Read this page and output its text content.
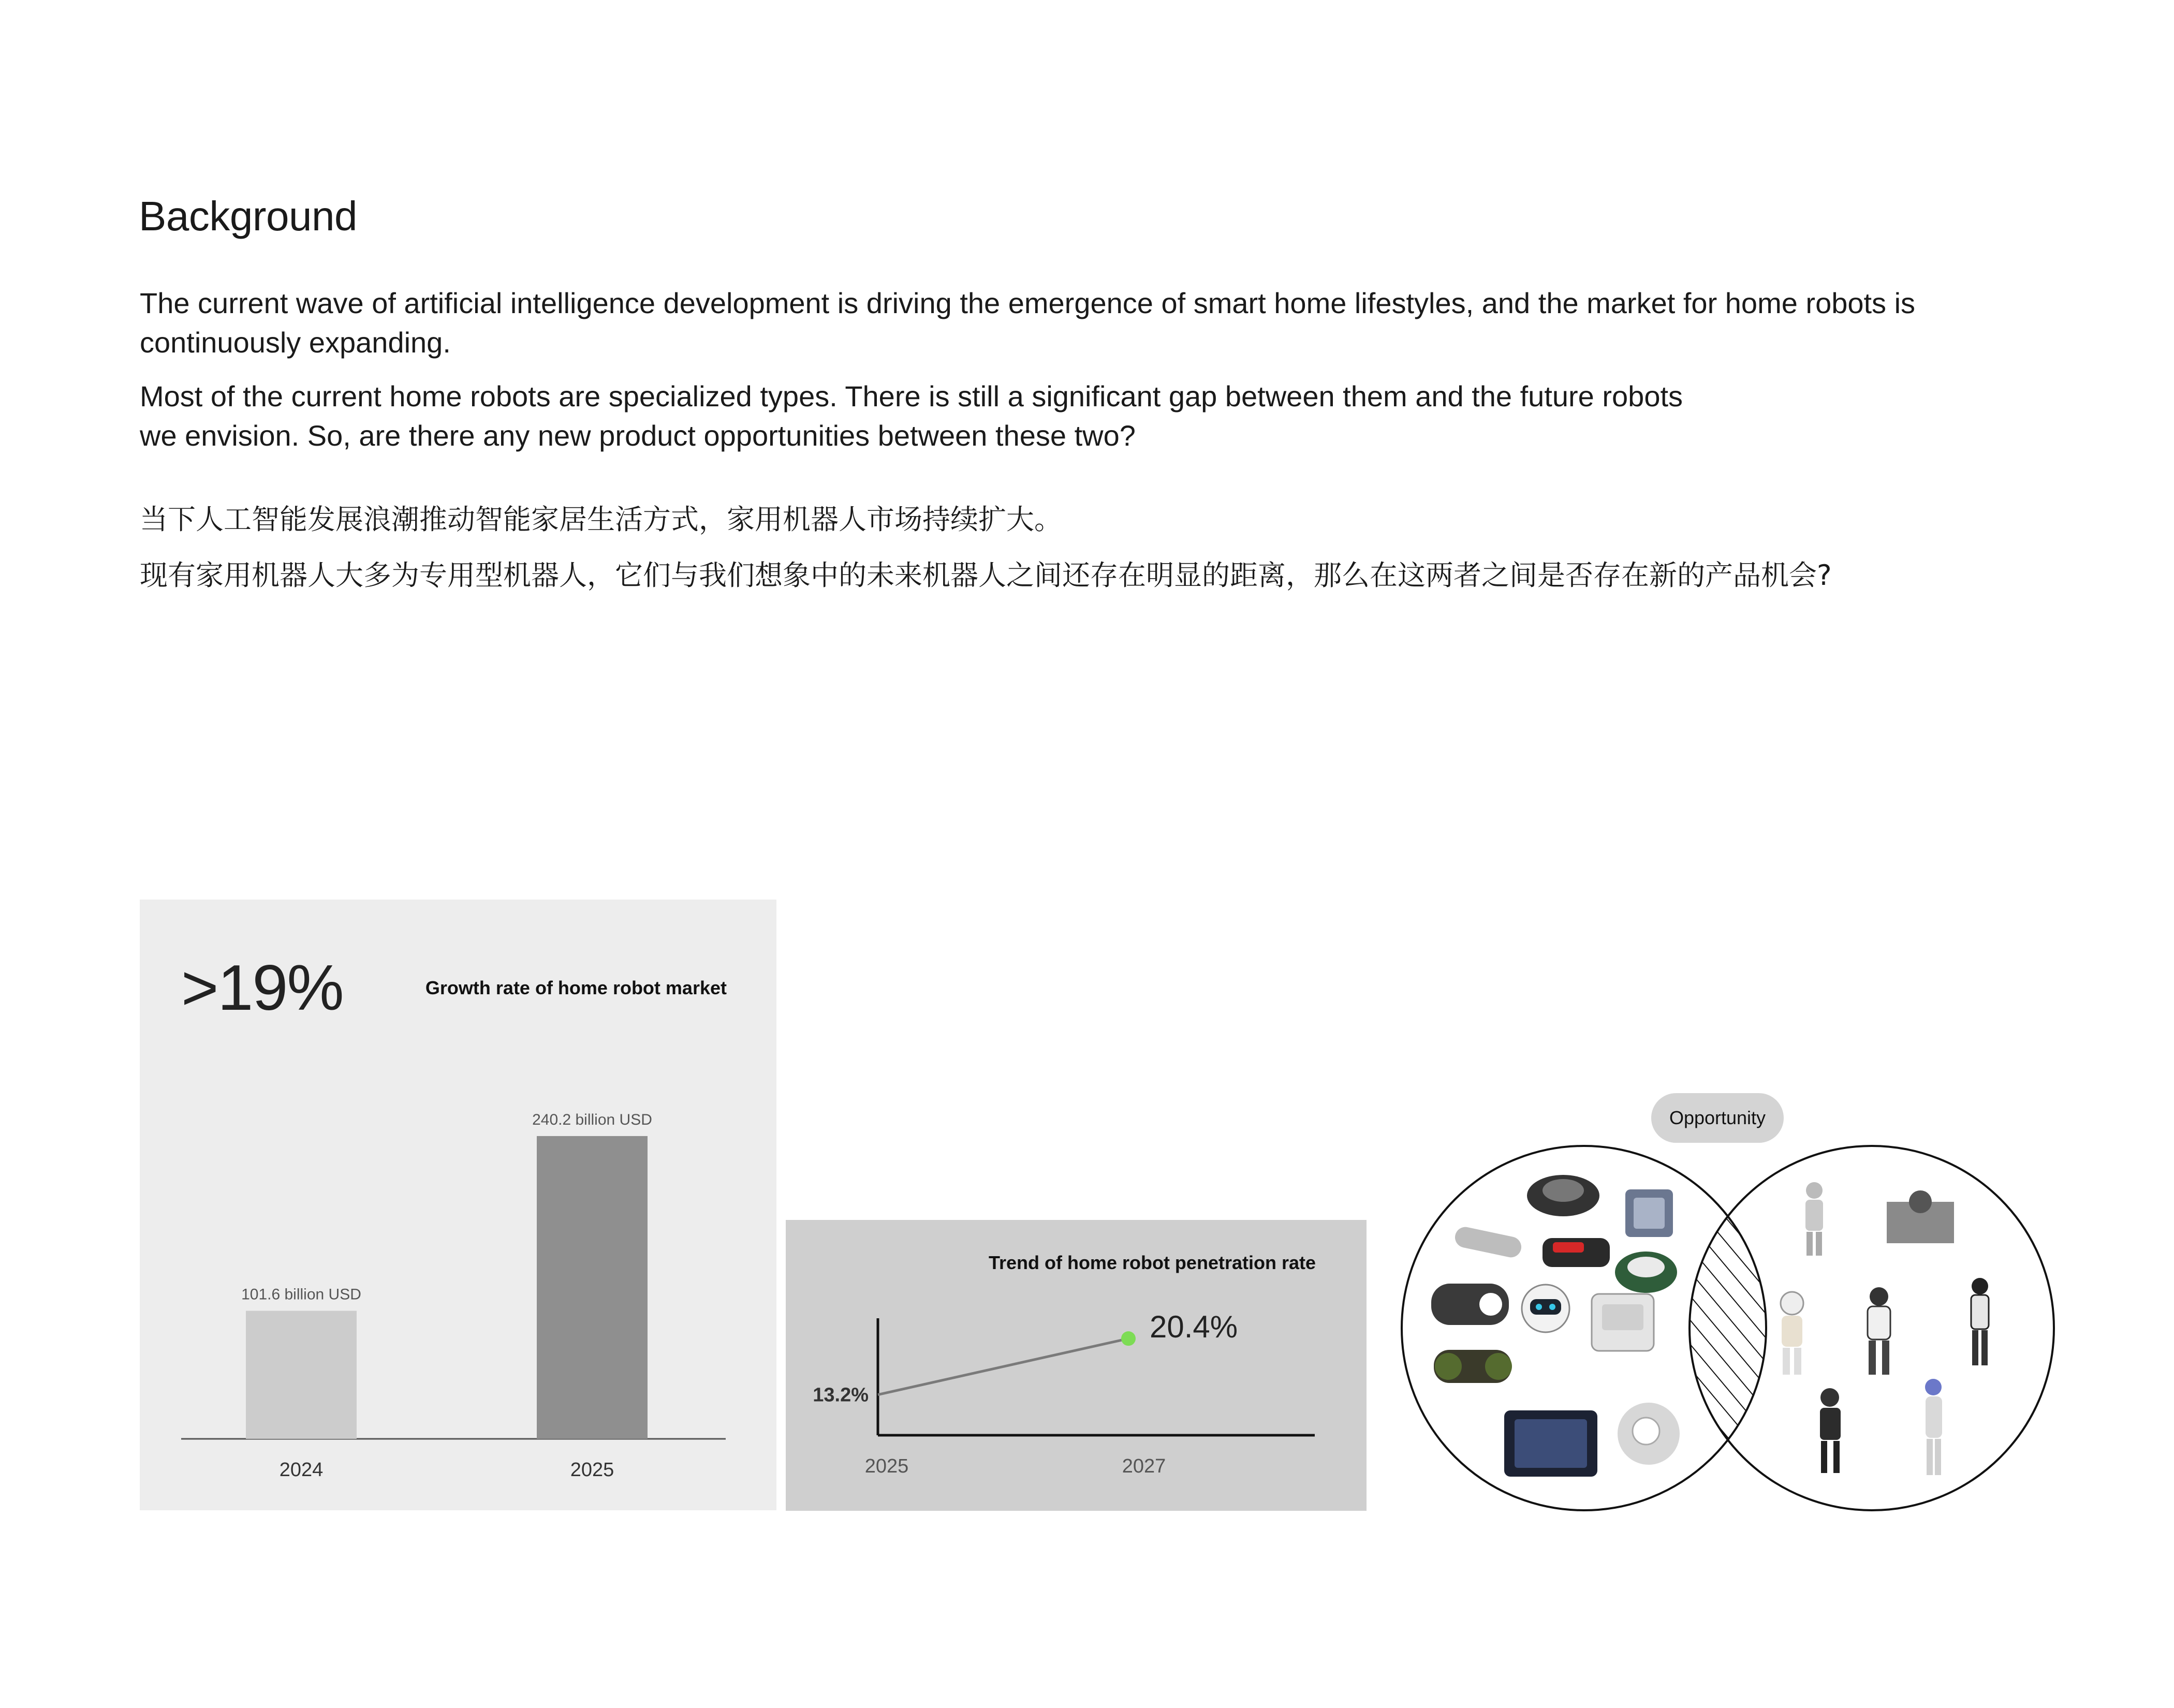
Background
The current wave of artificial intelligence development is driving the emergence of smart home lifestyles, and the market for home robots is continuously expanding.
Most of the current home robots are specialized types. There is still a significant gap between them and the future robots we envision. So, are there any new product opportunities between these two?
当下人工智能发展浪潮推动智能家居生活方式，家用机器人市场持续扩大。
现有家用机器人大多为专用型机器人，它们与我们想象中的未来机器人之间还存在明显的距离，那么在这两者之间是否存在新的产品机会?
>19%	Growth rate of home robot market
101.6 billion USD
2024
240.2 billion USD
2025
Trend of home robot penetration rate
13.2%
20.4%
2025	2027
Opportunity
